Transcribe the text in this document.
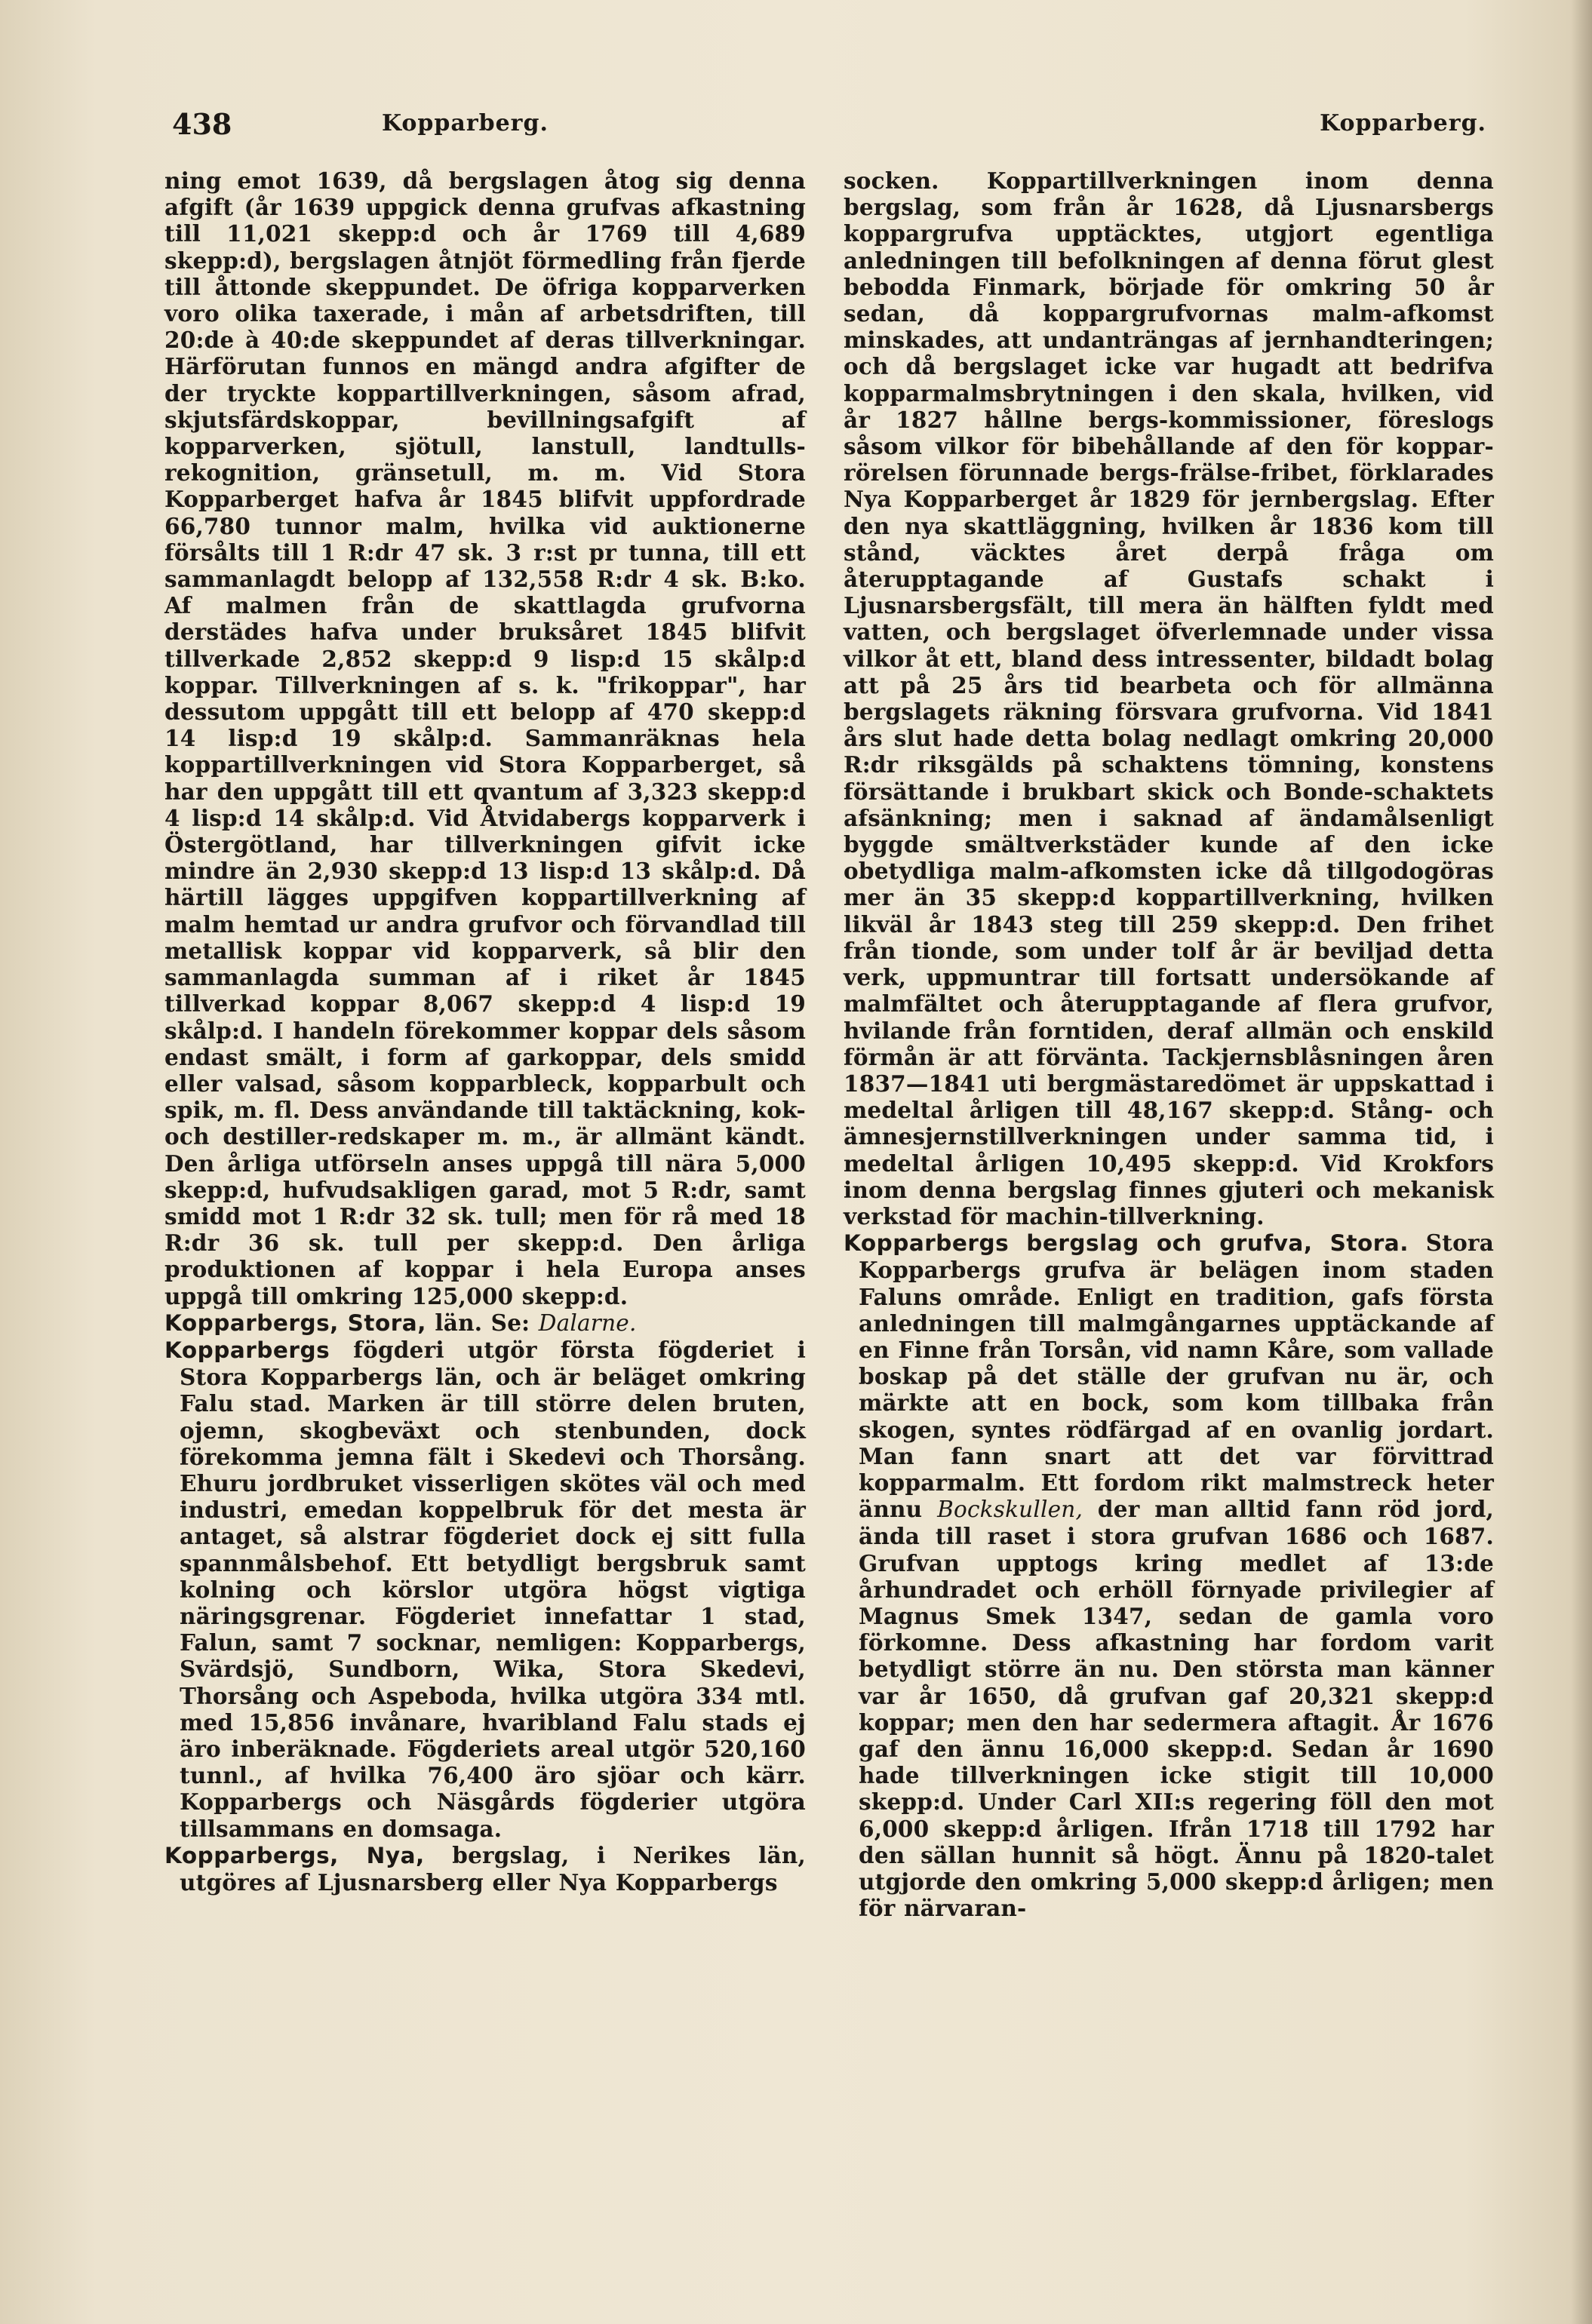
438	Kopparberg.	Kopparberg.

ning emot 1639, då bergslagen åtog sig denna afgift (år 1639 uppgick denna grufvas afkastning till 11,021 skepp:d och år 1769 till 4,689 skepp:d), bergslagen åtnjöt förmedling från fjerde till åttonde skeppundet. De öfriga kopparverken voro olika taxerade, i mån af arbetsdriften, till 20:de à 40:de skeppundet af deras tillverkningar. Härförutan funnos en mängd andra afgifter de der tryckte koppartillverkningen, såsom afrad, skjutsfärdskoppar, bevillningsafgift af kopparverken, sjötull, lanstull, landtulls-rekognition, gränsetull, m. m. Vid Stora Kopparberget hafva år 1845 blifvit uppfordrade 66,780 tunnor malm, hvilka vid auktionerne försålts till 1 R:dr 47 sk. 3 r:st pr tunna, till ett sammanlagdt belopp af 132,558 R:dr 4 sk. B:ko. Af malmen från de skattlagda grufvorna derstädes hafva under bruksåret 1845 blifvit tillverkade 2,852 skepp:d 9 lisp:d 15 skålp:d koppar. Tillverkningen af s. k. "frikoppar", har dessutom uppgått till ett belopp af 470 skepp:d 14 lisp:d 19 skålp:d. Sammanräknas hela koppartillverkningen vid Stora Kopparberget, så har den uppgått till ett qvantum af 3,323 skepp:d 4 lisp:d 14 skålp:d. Vid Åtvidabergs kopparverk i Östergötland, har tillverkningen gifvit icke mindre än 2,930 skepp:d 13 lisp:d 13 skålp:d. Då härtill lägges uppgifven koppartillverkning af malm hemtad ur andra grufvor och förvandlad till metallisk koppar vid kopparverk, så blir den sammanlagda summan af i riket år 1845 tillverkad koppar 8,067 skepp:d 4 lisp:d 19 skålp:d. I handeln förekommer koppar dels såsom endast smält, i form af garkoppar, dels smidd eller valsad, såsom kopparbleck, kopparbult och spik, m. fl. Dess användande till taktäckning, kok- och destiller-redskaper m. m., är allmänt kändt. Den årliga utförseln anses uppgå till nära 5,000 skepp:d, hufvudsakligen garad, mot 5 R:dr, samt smidd mot 1 R:dr 32 sk. tull; men för rå med 18 R:dr 36 sk. tull per skepp:d. Den årliga produktionen af koppar i hela Europa anses uppgå till omkring 125,000 skepp:d.

Kopparbergs, Stora, län. Se: Dalarne.

Kopparbergs fögderi utgör första fögderiet i Stora Kopparbergs län, och är beläget omkring Falu stad. Marken är till större delen bruten, ojemn, skogbeväxt och stenbunden, dock förekomma jemna fält i Skedevi och Thorsång. Ehuru jordbruket visserligen skötes väl och med industri, emedan koppelbruk för det mesta är antaget, så alstrar fögderiet dock ej sitt fulla spannmålsbehof. Ett betydligt bergsbruk samt kolning och körslor utgöra högst vigtiga näringsgrenar. Fögderiet innefattar 1 stad, Falun, samt 7 socknar, nemligen: Kopparbergs, Svärdsjö, Sundborn, Wika, Stora Skedevi, Thorsång och Aspeboda, hvilka utgöra 334 mtl. med 15,856 invånare, hvaribland Falu stads ej äro inberäknade. Fögderiets areal utgör 520,160 tunnl., af hvilka 76,400 äro sjöar och kärr. Kopparbergs och Näsgårds fögderier utgöra tillsammans en domsaga.

Kopparbergs, Nya, bergslag, i Nerikes län, utgöres af Ljusnarsberg eller Nya Kopparbergs

socken. Koppartillverkningen inom denna bergslag, som från år 1628, då Ljusnarsbergs koppargrufva upptäcktes, utgjort egentliga anledningen till befolkningen af denna förut glest bebodda Finmark, började för omkring 50 år sedan, då koppargrufvornas malm-afkomst minskades, att undanträngas af jernhandteringen; och då bergslaget icke var hugadt att bedrifva kopparmalmsbrytningen i den skala, hvilken, vid år 1827 hållne bergs-kommissioner, föreslogs såsom vilkor för bibehållande af den för koppar-rörelsen förunnade bergs-frälse-fribet, förklarades Nya Kopparberget år 1829 för jernbergslag. Efter den nya skattläggning, hvilken år 1836 kom till stånd, väcktes året derpå fråga om återupptagande af Gustafs schakt i Ljusnarsbergsfält, till mera än hälften fyldt med vatten, och bergslaget öfverlemnade under vissa vilkor åt ett, bland dess intressenter, bildadt bolag att på 25 års tid bearbeta och för allmänna bergslagets räkning försvara grufvorna. Vid 1841 års slut hade detta bolag nedlagt omkring 20,000 R:dr riksgälds på schaktens tömning, konstens försättande i brukbart skick och Bonde-schaktets afsänkning; men i saknad af ändamålsenligt byggde smältverkstäder kunde af den icke obetydliga malm-afkomsten icke då tillgodogöras mer än 35 skepp:d koppartillverkning, hvilken likväl år 1843 steg till 259 skepp:d. Den frihet från tionde, som under tolf år är beviljad detta verk, uppmuntrar till fortsatt undersökande af malmfältet och återupptagande af flera grufvor, hvilande från forntiden, deraf allmän och enskild förmån är att förvänta. Tackjernsblåsningen åren 1837—1841 uti bergmästaredömet är uppskattad i medeltal årligen till 48,167 skepp:d. Stång- och ämnesjernstillverkningen under samma tid, i medeltal årligen 10,495 skepp:d. Vid Krokfors inom denna bergslag finnes gjuteri och mekanisk verkstad för machin-tillverkning.

Kopparbergs bergslag och grufva, Stora. Stora Kopparbergs grufva är belägen inom staden Faluns område. Enligt en tradition, gafs första anledningen till malmgångarnes upptäckande af en Finne från Torsån, vid namn Kåre, som vallade boskap på det ställe der grufvan nu är, och märkte att en bock, som kom tillbaka från skogen, syntes rödfärgad af en ovanlig jordart. Man fann snart att det var förvittrad kopparmalm. Ett fordom rikt malmstreck heter ännu Bockskullen, der man alltid fann röd jord, ända till raset i stora grufvan 1686 och 1687. Grufvan upptogs kring medlet af 13:de århundradet och erhöll förnyade privilegier af Magnus Smek 1347, sedan de gamla voro förkomne. Dess afkastning har fordom varit betydligt större än nu. Den största man känner var år 1650, då grufvan gaf 20,321 skepp:d koppar; men den har sedermera aftagit. År 1676 gaf den ännu 16,000 skepp:d. Sedan år 1690 hade tillverkningen icke stigit till 10,000 skepp:d. Under Carl XII:s regering föll den mot 6,000 skepp:d årligen. Ifrån 1718 till 1792 har den sällan hunnit så högt. Ännu på 1820-talet utgjorde den omkring 5,000 skepp:d årligen; men för närvaran-
